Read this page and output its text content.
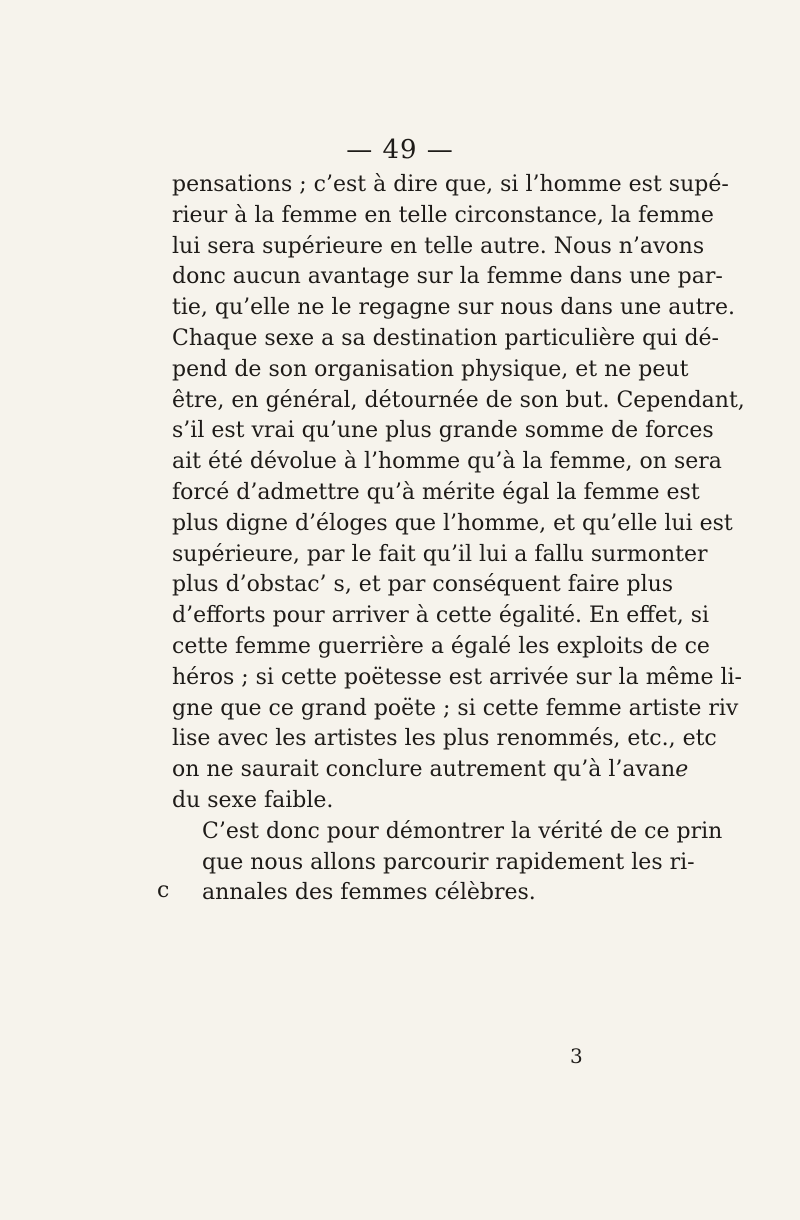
— 49 —
pensations ; c’est à dire que, si l’homme est supé-
rieur à la femme en telle circonstance, la femme
lui sera supérieure en telle autre. Nous n’avons
donc aucun avantage sur la femme dans une par-
tie, qu’elle ne le regagne sur nous dans une autre.
Chaque sexe a sa destination particulière qui dé-
pend de son organisation physique, et ne peut
être, en général, détournée de son but. Cependant,
s’il est vrai qu’une plus grande somme de forces
ait été dévolue à l’homme qu’à la femme, on sera
forcé d’admettre qu’à mérite égal la femme est
plus digne d’éloges que l’homme, et qu’elle lui est
supérieure, par le fait qu’il lui a fallu surmonter
plus d’obstac’ s, et par conséquent faire plus
d’efforts pour arriver à cette égalité. En effet, si
cette femme guerrière a égalé les exploits de ce
héros ; si cette poëtesse est arrivée sur la même li-
gne que ce grand poëte ; si cette femme artiste riv
lise avec les artistes les plus renommés, etc., etc
on ne saurait conclure autrement qu’à l’avanℯ
du sexe faible.
C’est donc pour démontrer la vérité de ce prin
que nous allons parcourir rapidement les ri-
annales des femmes célèbres.
c
3
